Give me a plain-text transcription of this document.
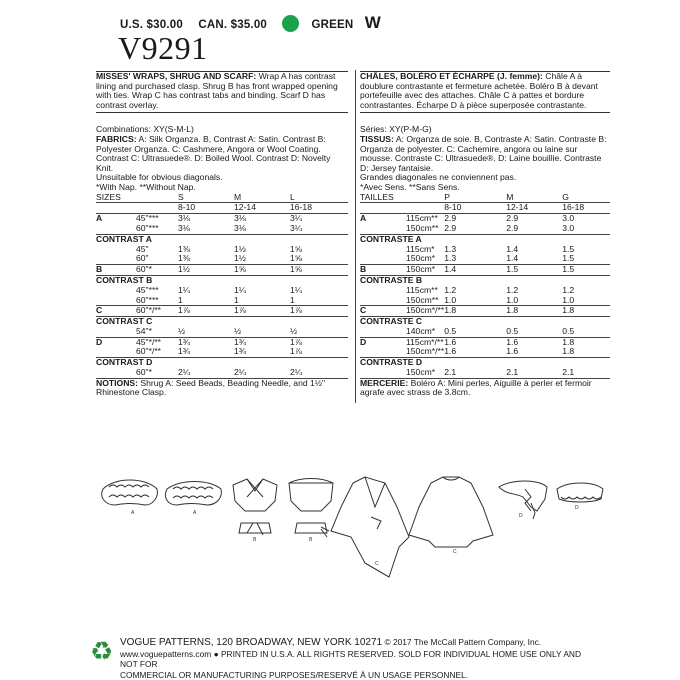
U.S. $30.00 CAN. $35.00	GREEN W
V9291

MISSES' WRAPS, SHRUG AND SCARF: Wrap A has contrast lining and purchased clasp. Shrug B has front wrapped opening with ties. Wrap C has contrast tabs and binding. Scarf D has contrast overlay.

Combinations: XY(S-M-L)

FABRICS: A: Silk Organza. B, Contrast A: Satin. Contrast B: Polyester Organza. C: Cashmere, Angora or Wool Coating. Contrast C: Ultrasuede®. D: Boiled Wool. Contrast D: Novelty Knit.

Unsuitable for obvious diagonals.

*With Nap. **Without Nap.

SIZES		S	M	L
		8-10	12-14	16-18
A	45"***	3⅛	3⅛	3¼
	60"***	3⅛	3⅛	3¼
CONTRAST A				
	45"	1⅜	1½	1⅝
	60"	1⅜	1½	1⅝
B	60"*	1½	1⅝	1⅝
CONTRAST B				
	45"***	1¼	1¼	1¼
	60"***	1	1	1
C	60"*/**	1⅞	1⅞	1⅞
CONTRAST C				
	54"*	½	½	½
D	45"*/**	1¾	1¾	1⅞
	60"*/**	1¾	1¾	1⅞
CONTRAST D				
	60"*	2¼	2¼	2¼

NOTIONS: Shrug A: Seed Beads, Beading Needle, and 1½" Rhinestone Clasp.

CHÂLES, BOLÉRO ET ÉCHARPE (J. femme): Châle A à doublure contrastante et fermeture achetée. Boléro B à devant portefeuille avec des attaches. Châle C à pattes et bordure contrastantes. Écharpe D à pièce superposée contrastante.

Séries: XY(P-M-G)

TISSUS: A: Organza de soie. B, Contraste A: Satin. Contraste B: Organza de polyester. C: Cachemire, angora ou laine sur mousse. Contraste C: Ultrasuede®. D: Laine bouillie. Contraste D: Jersey fantaisie.

Grandes diagonales ne conviennent pas.

*Avec Sens. **Sans Sens.

TAILLES		P	M	G
		8-10	12-14	16-18
A	115cm**	2.9	2.9	3.0
	150cm**	2.9	2.9	3.0
CONTRASTE A				
	115cm*	1.3	1.4	1.5
	150cm*	1.3	1.4	1.5
B	150cm*	1.4	1.5	1.5
CONTRASTE B				
	115cm**	1.2	1.2	1.2
	150cm**	1.0	1.0	1.0
C	150cm*/**	1.8	1.8	1.8
CONTRASTE C				
	140cm*	0.5	0.5	0.5
D	115cm*/**	1.6	1.6	1.8
	150cm*/**	1.6	1.6	1.8
CONTRASTE D				
	150cm*	2.1	2.1	2.1

MERCERIE: Boléro A: Mini perles, Aiguille à perler et fermoir agrafe avec strass de 3.8cm.

A	A
B	B
C
C
D
D
♻ VOGUE PATTERNS, 120 BROADWAY, NEW YORK 10271 © 2017 The McCall Pattern Company, Inc.
www.voguepatterns.com ● PRINTED IN U.S.A. ALL RIGHTS RESERVED. SOLD FOR INDIVIDUAL HOME USE ONLY AND NOT FOR
COMMERCIAL OR MANUFACTURING PURPOSES/RESERVÉ À UN USAGE PERSONNEL.
